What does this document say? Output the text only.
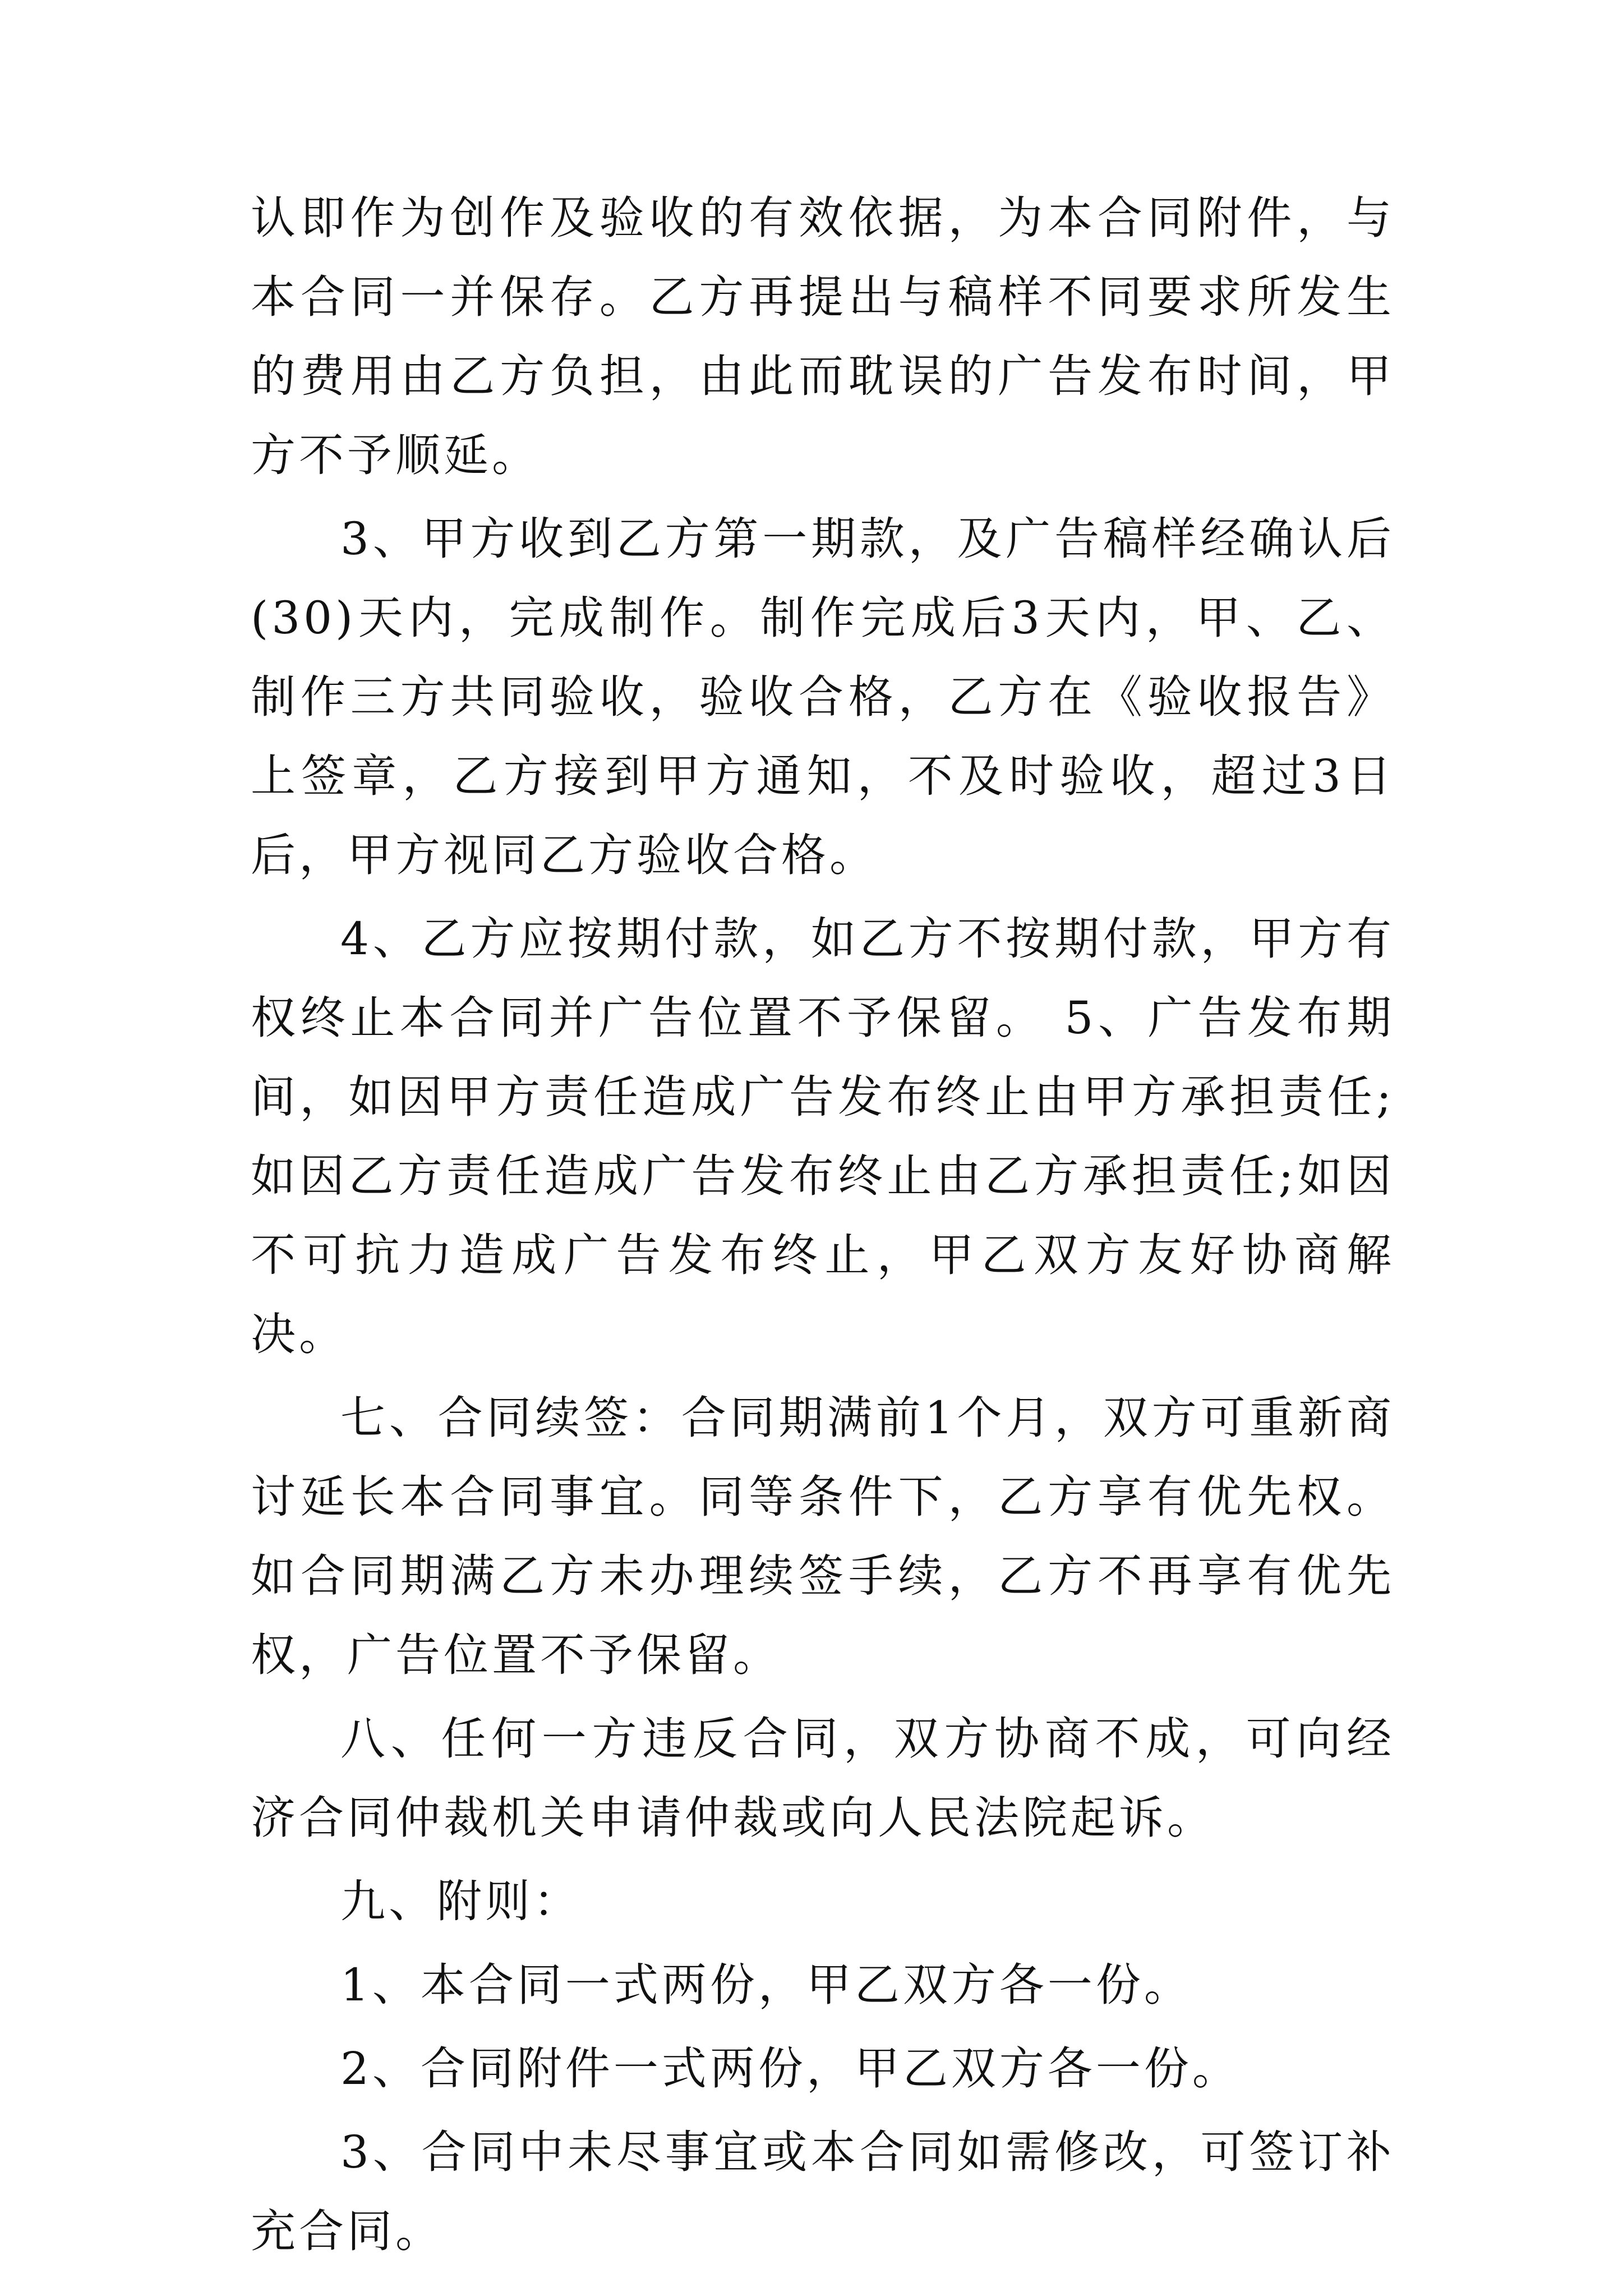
认即作为创作及验收的有效依据，为本合同附件，与本合同一并保存。乙方再提出与稿样不同要求所发生的费用由乙方负担，由此而耽误的广告发布时间，甲方不予顺延。

3、甲方收到乙方第一期款，及广告稿样经确认后(30)天内，完成制作。制作完成后3天内，甲、乙、制作三方共同验收，验收合格，乙方在《验收报告》上签章，乙方接到甲方通知，不及时验收，超过3日后，甲方视同乙方验收合格。

4、乙方应按期付款，如乙方不按期付款，甲方有权终止本合同并广告位置不予保留。 5、广告发布期间，如因甲方责任造成广告发布终止由甲方承担责任;如因乙方责任造成广告发布终止由乙方承担责任;如因不可抗力造成广告发布终止，甲乙双方友好协商解决。

七、合同续签：合同期满前1个月，双方可重新商讨延长本合同事宜。同等条件下，乙方享有优先权。如合同期满乙方未办理续签手续，乙方不再享有优先权，广告位置不予保留。

八、任何一方违反合同，双方协商不成，可向经济合同仲裁机关申请仲裁或向人民法院起诉。

九、附则：

1、本合同一式两份，甲乙双方各一份。

2、合同附件一式两份，甲乙双方各一份。

3、合同中未尽事宜或本合同如需修改，可签订补充合同。
